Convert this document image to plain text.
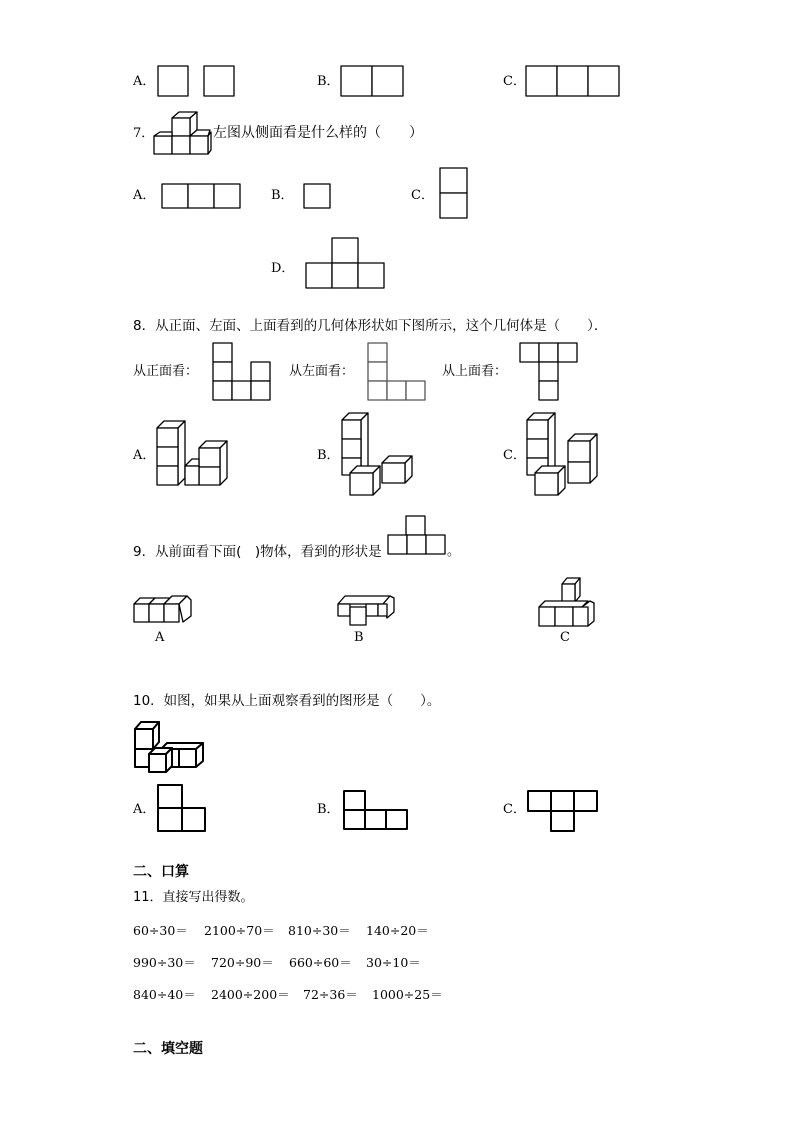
A．	B．	C．
7．	左图从侧面看是什么样的（　　）
A．	B．	C．
D．
8．从正面、左面、上面看到的几何体形状如下图所示，这个几何体是（　　）．
从正面看：	从左面看：	从上面看：
A．	B．	C．
9．从前面看下面(　)物体，看到的形状是	。
A	B	C
10．如图，如果从上面观察看到的图形是（　　）。
A．	B．	C．
二、口算
11．直接写出得数。
60÷30＝ 2100÷70＝ 810÷30＝ 140÷20＝
990÷30＝ 720÷90＝ 660÷60＝ 30÷10＝
840÷40＝ 2400÷200＝ 72÷36＝ 1000÷25＝
二、填空题
